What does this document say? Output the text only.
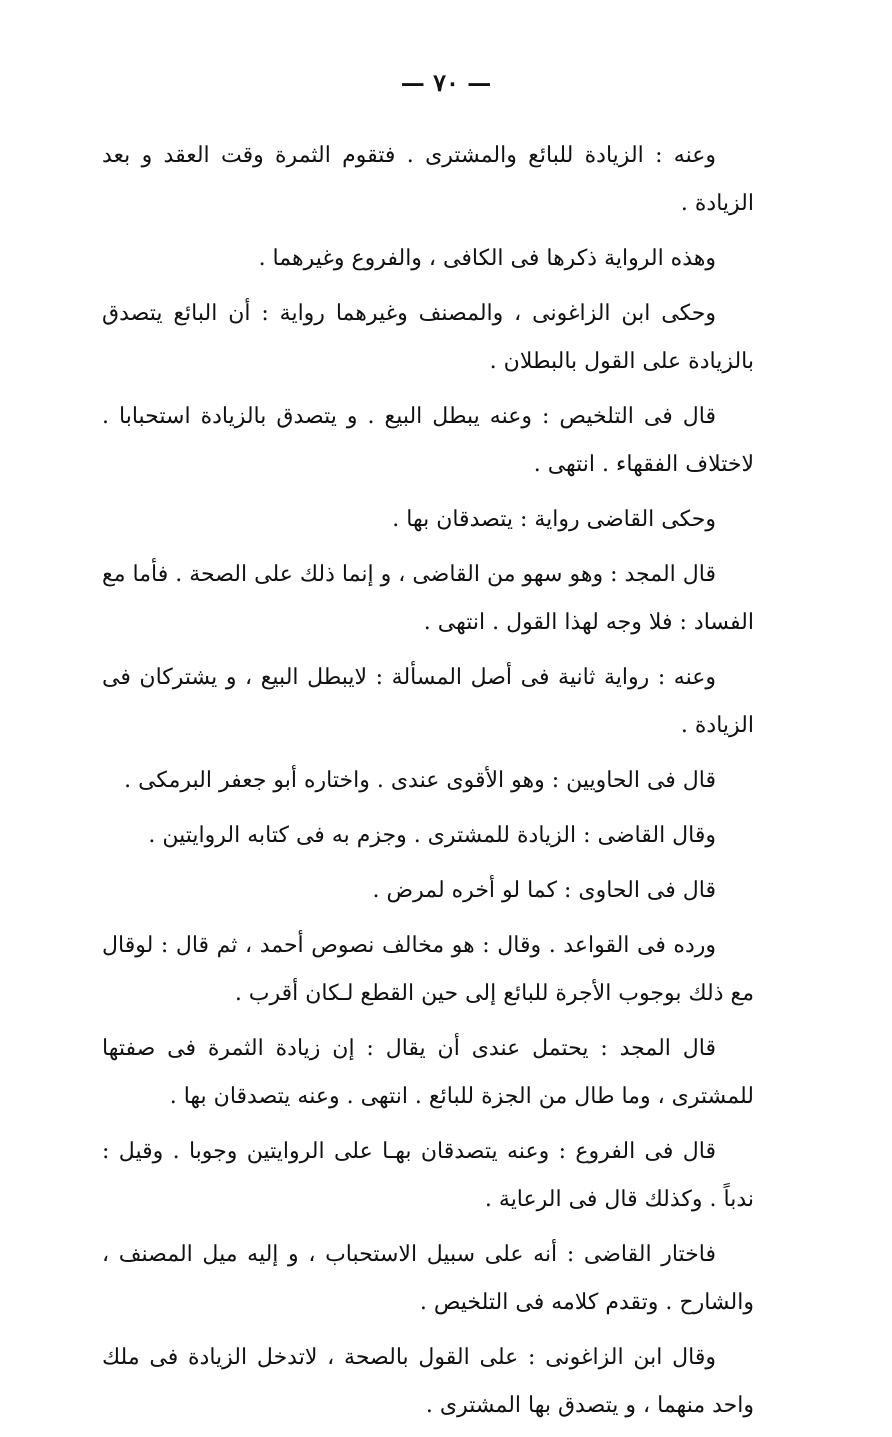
— ٧٠ —

وعنه : الزيادة للبائع والمشترى . فتقوم الثمرة وقت العقد و بعد الزيادة .

وهذه الرواية ذكرها فى الكافى ، والفروع وغيرهما .

وحكى ابن الزاغونى ، والمصنف وغيرهما رواية : أن البائع يتصدق بالزيادة على القول بالبطلان .

قال فى التلخيص : وعنه يبطل البيع . و يتصدق بالزيادة استحبابا . لاختلاف الفقهاء . انتهى .

وحكى القاضى رواية : يتصدقان بها .

قال المجد : وهو سهو من القاضى ، و إنما ذلك على الصحة . فأما مع الفساد : فلا وجه لهذا القول . انتهى .

وعنه : رواية ثانية فى أصل المسألة : لايبطل البيع ، و يشتركان فى الزيادة .

قال فى الحاويين : وهو الأقوى عندى . واختاره أبو جعفر البرمكى .

وقال القاضى : الزيادة للمشترى . وجزم به فى كتابه الروايتين .

قال فى الحاوى : كما لو أخره لمرض .

ورده فى القواعد . وقال : هو مخالف نصوص أحمد ، ثم قال : لوقال مع ذلك بوجوب الأجرة للبائع إلى حين القطع لـكان أقرب .

قال المجد : يحتمل عندى أن يقال : إن زيادة الثمرة فى صفتها للمشترى ، وما طال من الجزة للبائع . انتهى . وعنه يتصدقان بها .

قال فى الفروع : وعنه يتصدقان بهـا على الروايتين وجوبا . وقيل : ندباً . وكذلك قال فى الرعاية .

فاختار القاضى : أنه على سبيل الاستحباب ، و إليه ميل المصنف ، والشارح . وتقدم كلامه فى التلخيص .

وقال ابن الزاغونى : على القول بالصحة ، لاتدخل الزيادة فى ملك واحد منهما ، و يتصدق بها المشترى .
